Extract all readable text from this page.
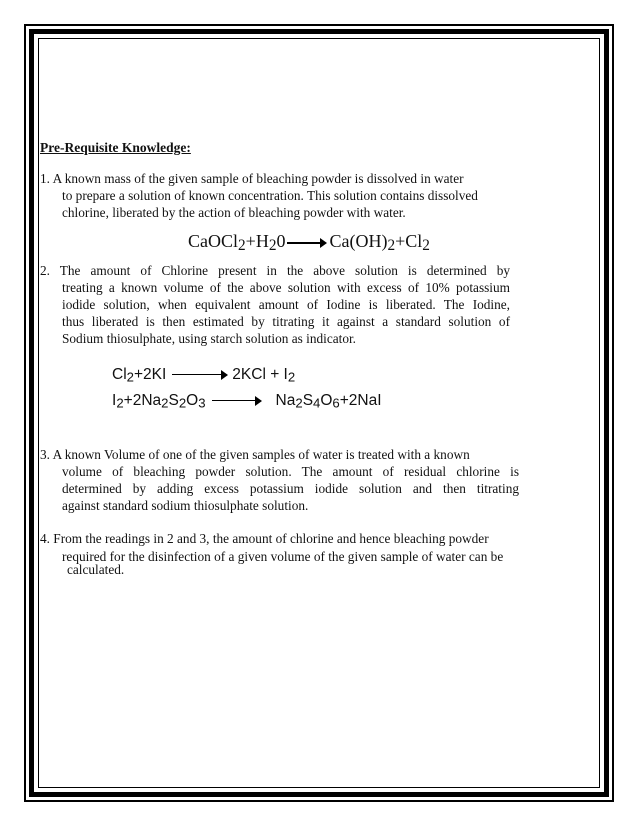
Pre-Requisite Knowledge:
1. A known mass of the given sample of bleaching powder is dissolved in water
to prepare a solution of known concentration. This solution contains dissolved
chlorine, liberated by the action of bleaching powder with water.
$CaOCl_2+H_20 \to Ca(OH)_2+Cl_2$
2. The amount of Chlorine present in the above solution is determined by
treating a known volume of the above solution with excess of 10% potassium
iodide solution, when equivalent amount of Iodine is liberated. The Iodine,
thus liberated is then estimated by titrating it against a standard solution of
Sodium thiosulphate, using starch solution as indicator.
$Cl_2+2KI \to 2KCl + I_2$
$I_2+2Na_2S_2O_3 \to Na_2S_4O_6+2NaI$
3. A known Volume of one of the given samples of water is treated with a known
volume of bleaching powder solution. The amount of residual chlorine is
determined by adding excess potassium iodide solution and then titrating
against standard sodium thiosulphate solution.
4. From the readings in 2 and 3, the amount of chlorine and hence bleaching powder
required for the disinfection of a given volume of the given sample of water can be
calculated.
